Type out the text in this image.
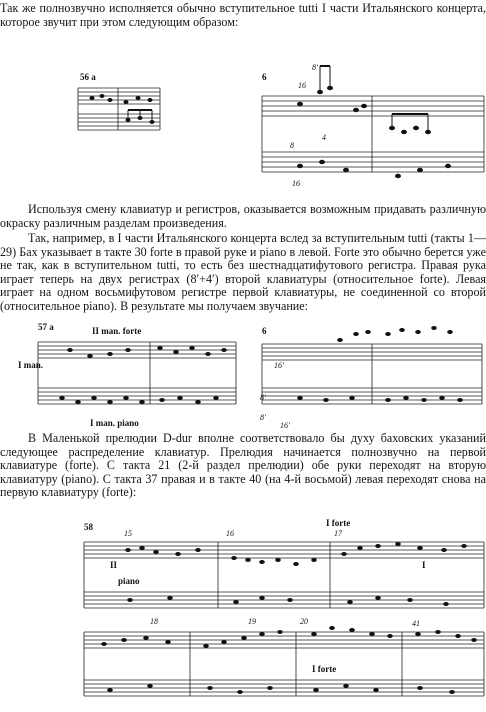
Так же полнозвучно исполняется обычно вступительное tutti I части Итальянского концерта, которое звучит при этом следующим образом:
Используя смену клавиатур и регистров, оказывается возможным придавать различную окраску различным разделам произведения.
Так, например, в I части Итальянского концерта вслед за вступительным tutti (такты 1—29) Бах указывает в такте 30 forte в правой руке и piano в левой. Forte это обычно берется уже не так, как в вступительном tutti, то есть без шестнадцатифутового регистра. Правая рука играет теперь на двух регистрах (8′+4′) второй клавиатуры (относительное forte). Левая играет на одном восьмифутовом регистре первой клавиатуры, не соединенной со второй (относительное piano). В результате мы получаем звучание:
В Маленькой прелюдии D-dur вполне соответствовало бы духу баховских указаний следующее распределение клавиатур. Прелюдия начинается полнозвучно на первой клавиатуре (forte). С такта 21 (2-й раздел прелюдии) обе руки переходят на вторую клавиатуру (piano). С такта 37 правая и в такте 40 (на 4-й восьмой) левая переходят снова на первую клавиатуру (forte):
56 a	6
8'
16
4
8
16
57 a	II man. forte
I man.
I man. piano
6
16'
8'
16'
8'
58
15	16	17
I forte
II
piano
I
18	19	20	41
I forte
